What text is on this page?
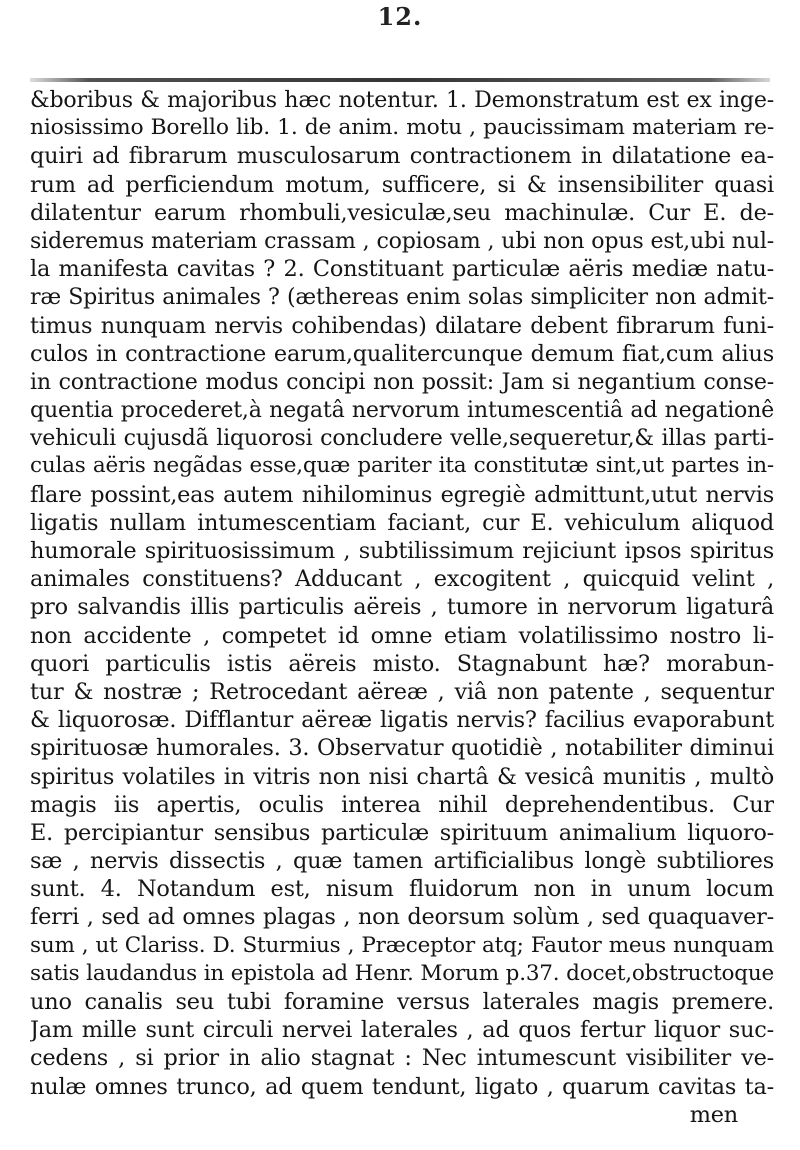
12.
&boribus & majoribus hæc notentur. 1. Demonstratum est ex inge-
niosissimo Borello lib. 1. de anim. motu , paucissimam materiam re-
quiri ad fibrarum musculosarum contractionem in dilatatione ea-
rum ad perficiendum motum, sufficere, si & insensibiliter quasi
dilatentur earum rhombuli,vesiculæ,seu machinulæ. Cur E. de-
sideremus materiam crassam , copiosam , ubi non opus est,ubi nul-
la manifesta cavitas ? 2. Constituant particulæ aëris mediæ natu-
ræ Spiritus animales ? (æthereas enim solas simpliciter non admit-
timus nunquam nervis cohibendas) dilatare debent fibrarum funi-
culos in contractione earum,qualitercunque demum fiat,cum alius
in contractione modus concipi non possit: Jam si negantium conse-
quentia procederet,à negatâ nervorum intumescentiâ ad negationê
vehiculi cujusdã liquorosi concludere velle,sequeretur,& illas parti-
culas aëris negãdas esse,quæ pariter ita constitutæ sint,ut partes in-
flare possint,eas autem nihilominus egregiè admittunt,utut nervis
ligatis nullam intumescentiam faciant, cur E. vehiculum aliquod
humorale spirituosissimum , subtilissimum rejiciunt ipsos spiritus
animales constituens? Adducant , excogitent , quicquid velint ,
pro salvandis illis particulis aëreis , tumore in nervorum ligaturâ
non accidente , competet id omne etiam volatilissimo nostro li-
quori particulis istis aëreis misto. Stagnabunt hæ? morabun-
tur & nostræ ; Retrocedant aëreæ , viâ non patente , sequentur
& liquorosæ. Difflantur aëreæ ligatis nervis? facilius evaporabunt
spirituosæ humorales. 3. Observatur quotidiè , notabiliter diminui
spiritus volatiles in vitris non nisi chartâ & vesicâ munitis , multò
magis iis apertis, oculis interea nihil deprehendentibus. Cur
E. percipiantur sensibus particulæ spirituum animalium liquoro-
sæ , nervis dissectis , quæ tamen artificialibus longè subtiliores
sunt. 4. Notandum est, nisum fluidorum non in unum locum
ferri , sed ad omnes plagas , non deorsum solùm , sed quaquaver-
sum , ut Clariss. D. Sturmius , Præceptor atq; Fautor meus nunquam
satis laudandus in epistola ad Henr. Morum p.37. docet,obstructoque
uno canalis seu tubi foramine versus laterales magis premere.
Jam mille sunt circuli nervei laterales , ad quos fertur liquor suc-
cedens , si prior in alio stagnat : Nec intumescunt visibiliter ve-
nulæ omnes trunco, ad quem tendunt, ligato , quarum cavitas ta-
men
